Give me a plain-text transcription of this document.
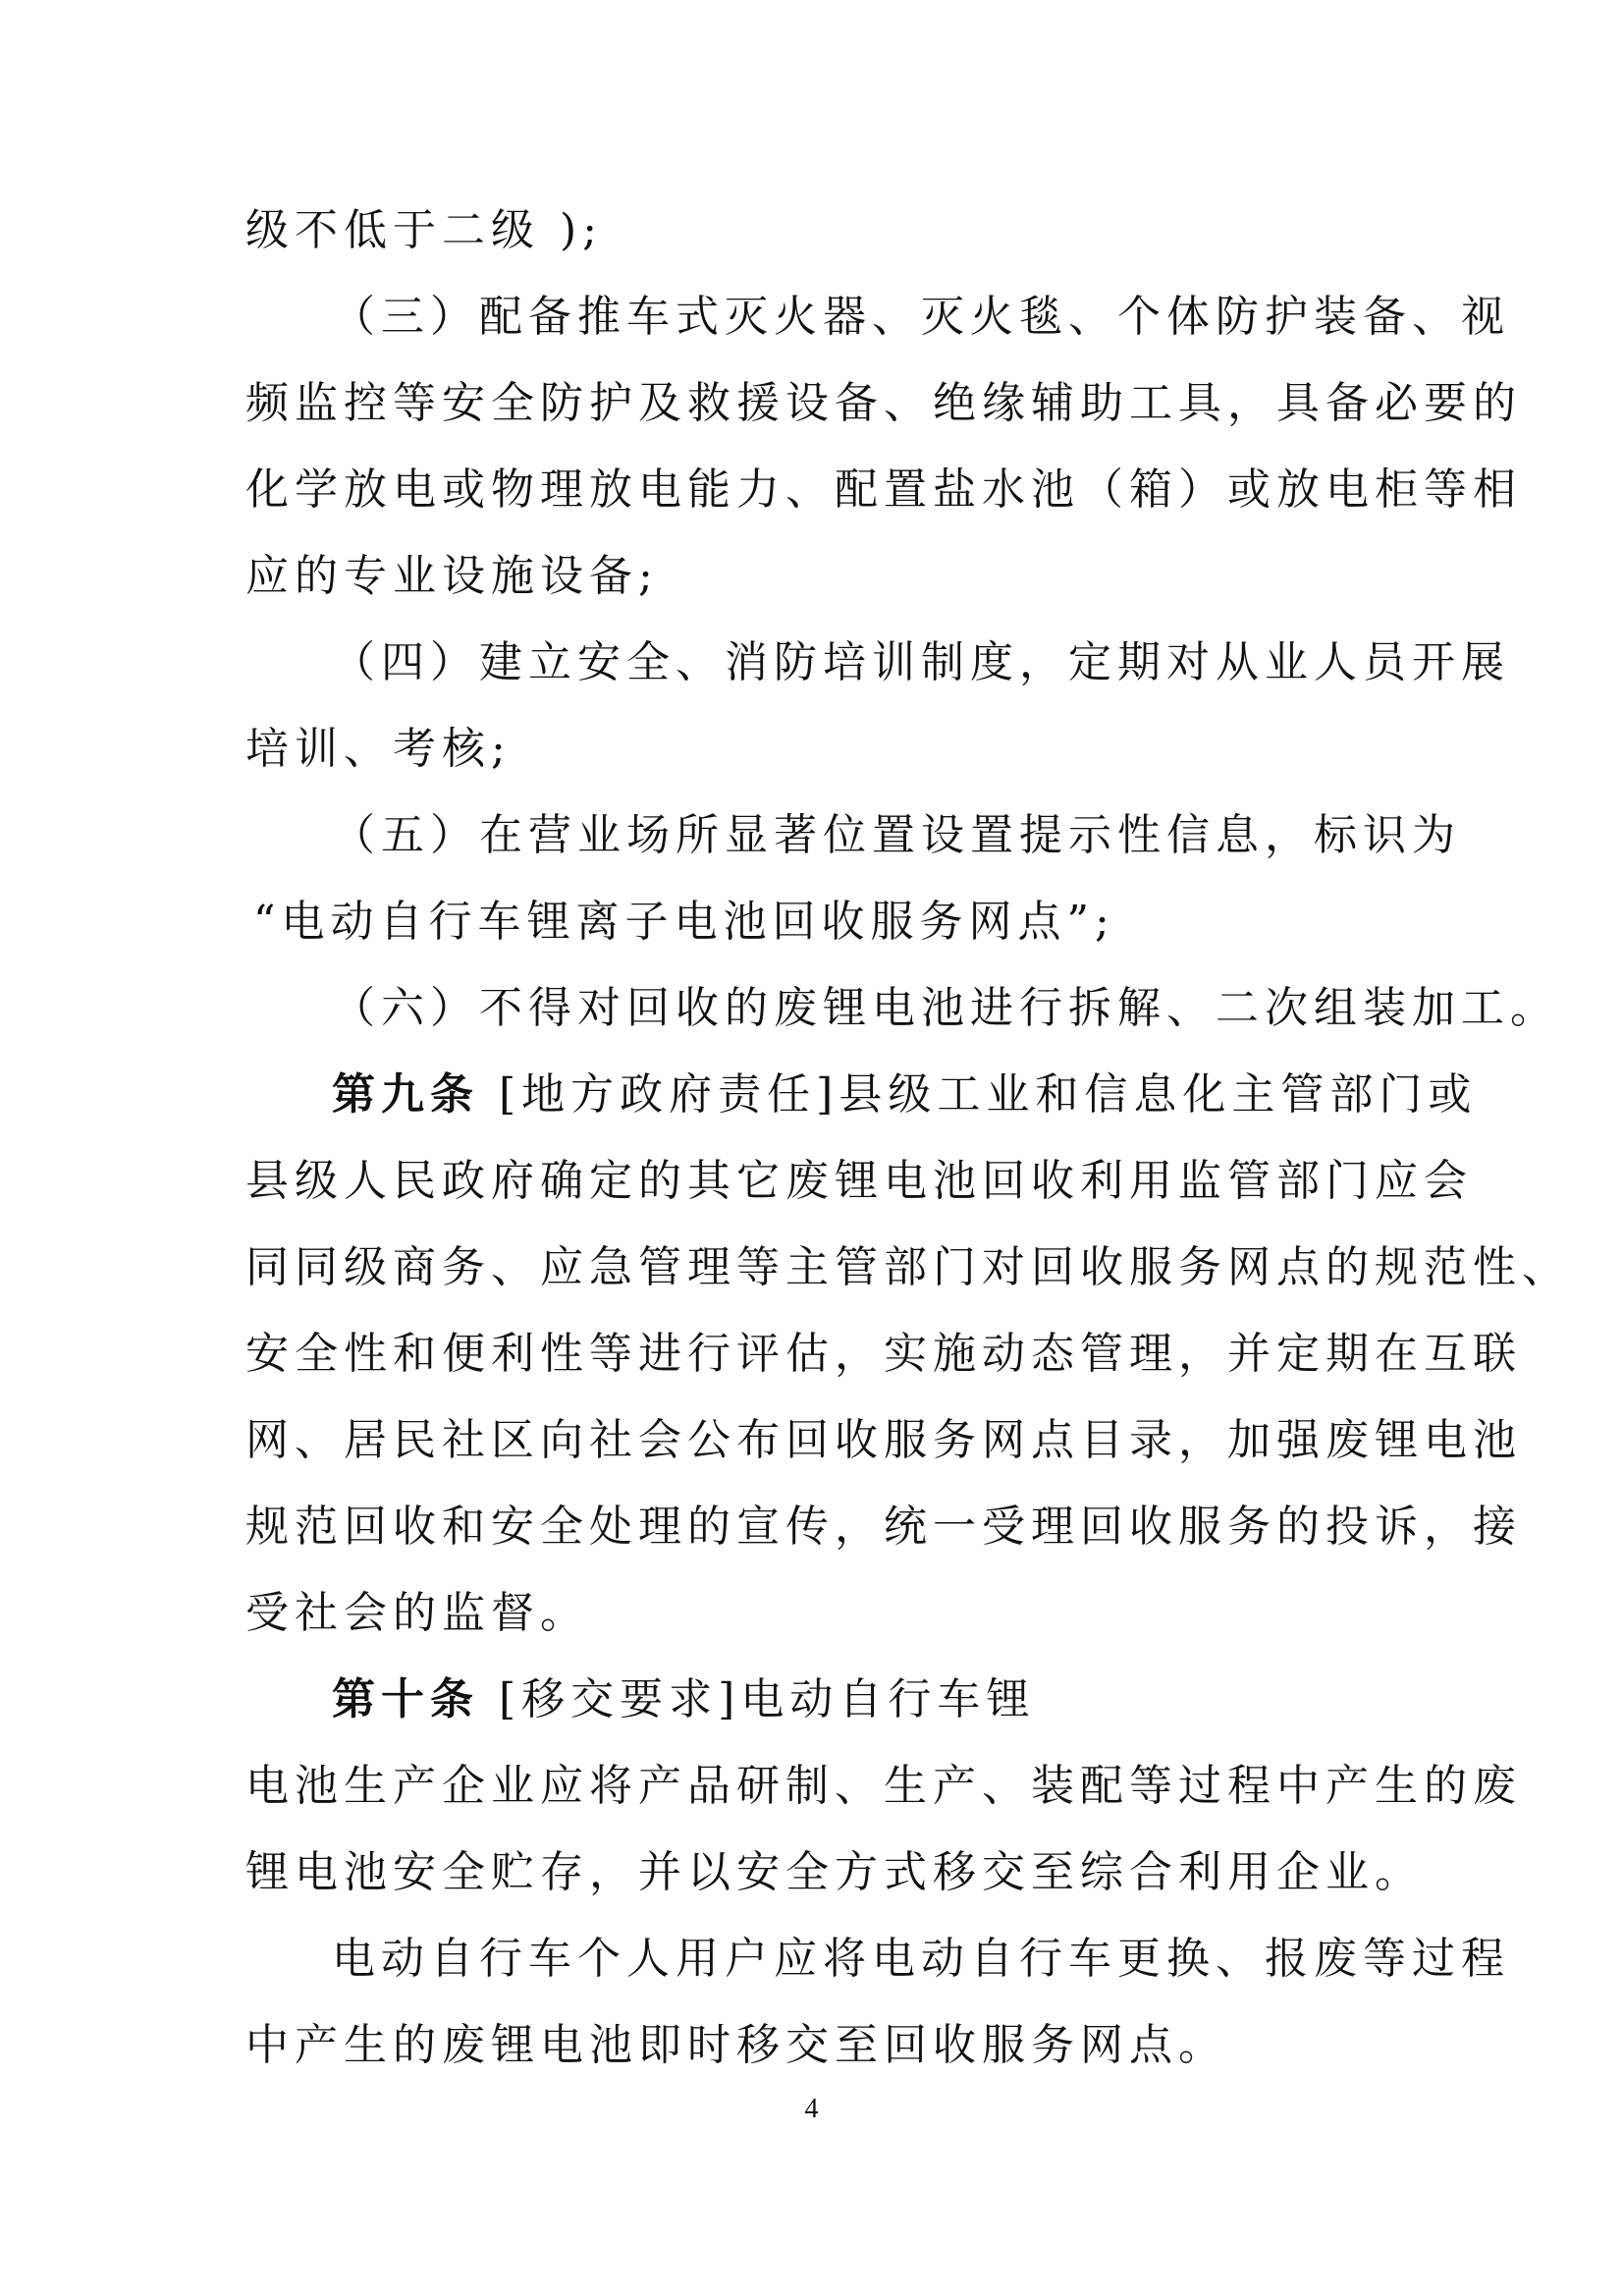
级不低于二级 );
（三）配备推车式灭火器、灭火毯、个体防护装备、视
频监控等安全防护及救援设备、绝缘辅助工具，具备必要的
化学放电或物理放电能力、配置盐水池（箱）或放电柜等相
应的专业设施设备;
（四）建立安全、消防培训制度，定期对从业人员开展
培训、考核;
（五）在营业场所显著位置设置提示性信息，标识为
“电动自行车锂离子电池回收服务网点”;
（六）不得对回收的废锂电池进行拆解、二次组装加工。
第九条 [地方政府责任]县级工业和信息化主管部门或
县级人民政府确定的其它废锂电池回收利用监管部门应会
同同级商务、应急管理等主管部门对回收服务网点的规范性、
安全性和便利性等进行评估，实施动态管理，并定期在互联
网、居民社区向社会公布回收服务网点目录，加强废锂电池
规范回收和安全处理的宣传，统一受理回收服务的投诉，接
受社会的监督。
第十条 [移交要求]电动自行车锂
电池生产企业应将产品研制、生产、装配等过程中产生的废
锂电池安全贮存，并以安全方式移交至综合利用企业。
电动自行车个人用户应将电动自行车更换、报废等过程
中产生的废锂电池即时移交至回收服务网点。
4
